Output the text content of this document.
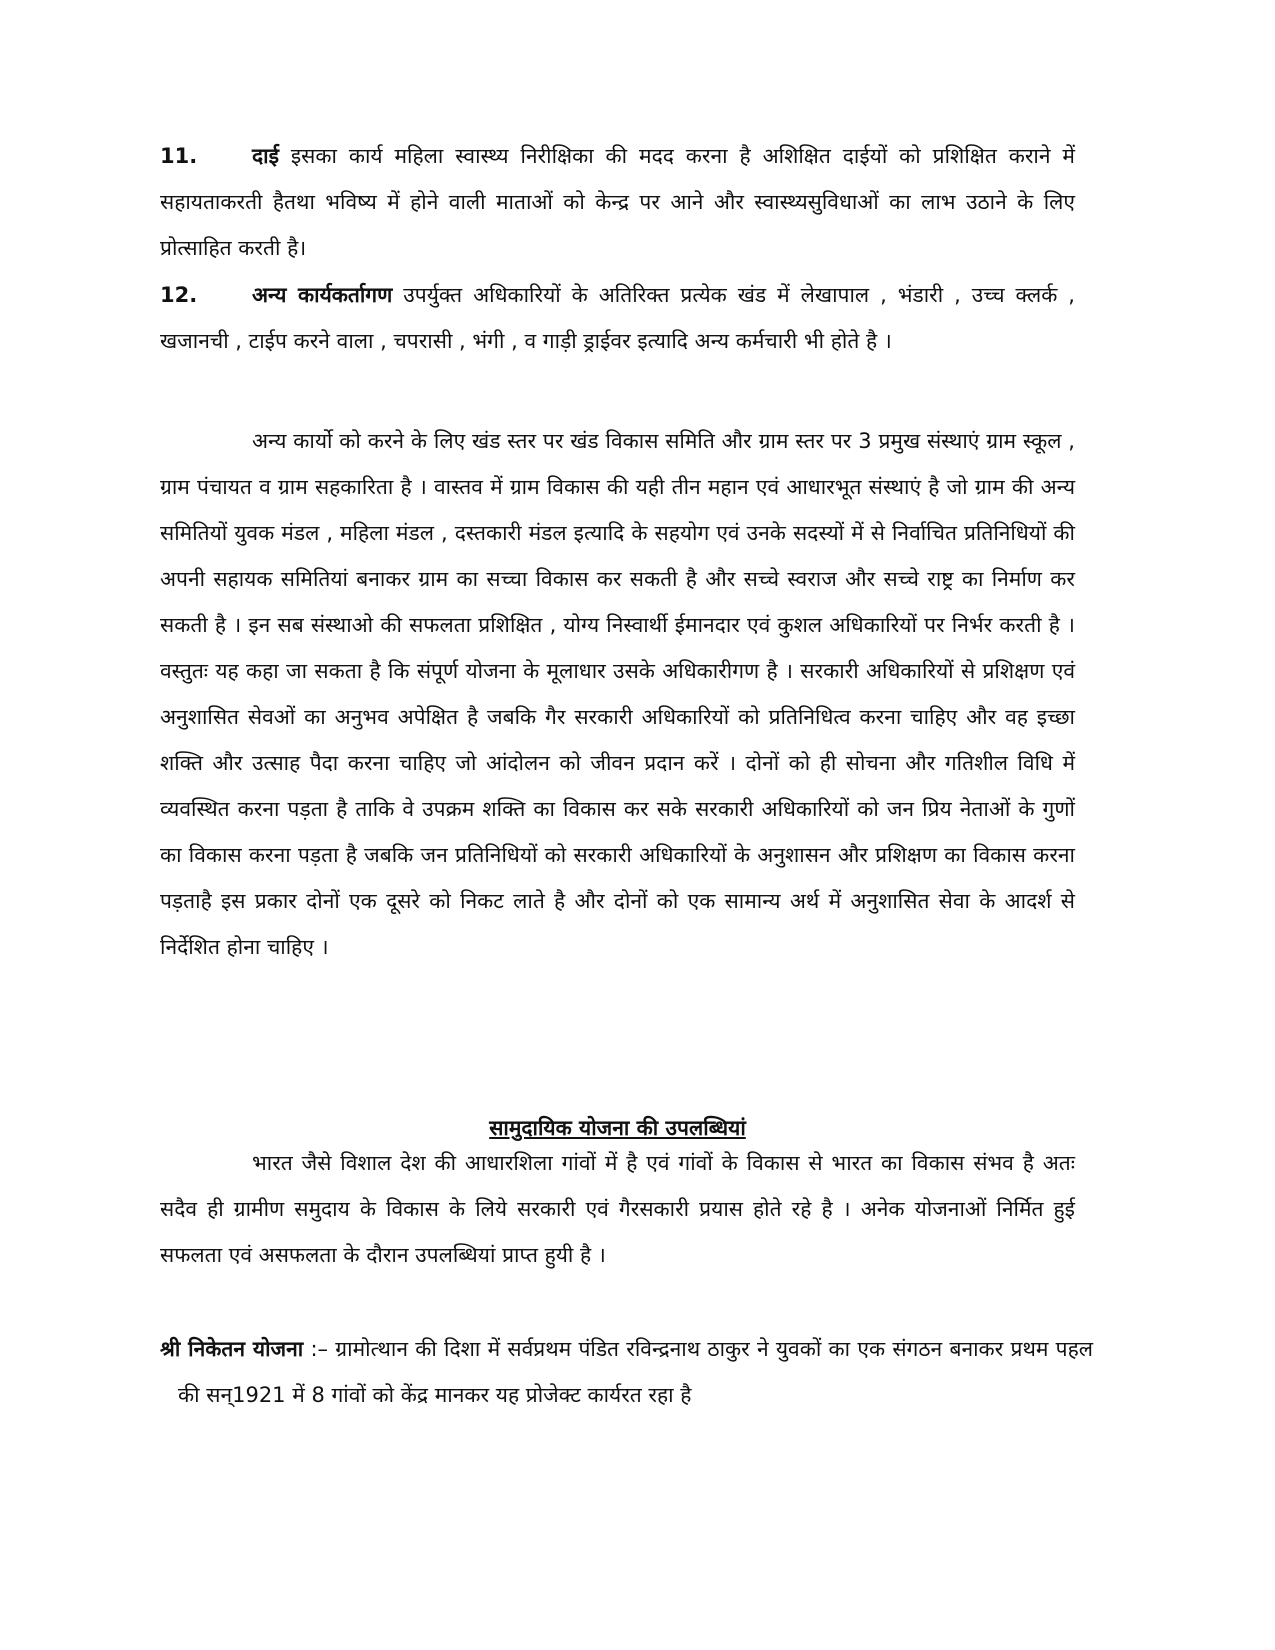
11.	दाई इसका कार्य महिला स्वास्थ्य निरीक्षिका की मदद करना है अशिक्षित दाईयों को प्रशिक्षित कराने में सहायताकरती हैतथा भविष्य में होने वाली माताओं को केन्द्र पर आने और स्वास्थ्यसुविधाओं का लाभ उठाने के लिए प्रोत्साहित करती है।

12.	अन्य कार्यकर्तागण उपर्युक्त अधिकारियों के अतिरिक्त प्रत्येक खंड में लेखापाल , भंडारी , उच्च क्लर्क , खजानची , टाईप करने वाला , चपरासी , भंगी , व गाड़ी ड्राईवर इत्यादि अन्य कर्मचारी भी होते है ।

अन्य कार्यो को करने के लिए खंड स्तर पर खंड विकास समिति और ग्राम स्तर पर 3 प्रमुख संस्थाएं ग्राम स्कूल , ग्राम पंचायत व ग्राम सहकारिता है । वास्तव में ग्राम विकास की यही तीन महान एवं आधारभूत संस्थाएं है जो ग्राम की अन्य समितियों युवक मंडल , महिला मंडल , दस्तकारी मंडल इत्यादि के सहयोग एवं उनके सदस्यों में से निर्वाचित प्रतिनिधियों की अपनी सहायक समितियां बनाकर ग्राम का सच्चा विकास कर सकती है और सच्चे स्वराज और सच्चे राष्ट्र का निर्माण कर सकती है । इन सब संस्थाओ की सफलता प्रशिक्षित , योग्य निस्वार्थी ईमानदार एवं कुशल अधिकारियों पर निर्भर करती है । वस्तुतः यह कहा जा सकता है कि संपूर्ण योजना के मूलाधार उसके अधिकारीगण है । सरकारी अधिकारियों से प्रशिक्षण एवं अनुशासित सेवओं का अनुभव अपेक्षित है जबकि गैर सरकारी अधिकारियों को प्रतिनिधित्व करना चाहिए और वह इच्छा शक्ति और उत्साह पैदा करना चाहिए जो आंदोलन को जीवन प्रदान करें । दोनों को ही सोचना और गतिशील विधि में व्यवस्थित करना पड़ता है ताकि वे उपक्रम शक्ति का विकास कर सके सरकारी अधिकारियों को जन प्रिय नेताओं के गुणों का विकास करना पड़ता है जबकि जन प्रतिनिधियों को सरकारी अधिकारियों के अनुशासन और प्रशिक्षण का विकास करना पड़ताहै इस प्रकार दोनों एक दूसरे को निकट लाते है और दोनों को एक सामान्य अर्थ में अनुशासित सेवा के आदर्श से निर्देशित होना चाहिए ।

सामुदायिक योजना की उपलब्धियां

भारत जैसे विशाल देश की आधारशिला गांवों में है एवं गांवों के विकास से भारत का विकास संभव है अतः सदैव ही ग्रामीण समुदाय के विकास के लिये सरकारी एवं गैरसकारी प्रयास होते रहे है । अनेक योजनाओं निर्मित हुई सफलता एवं असफलता के दौरान उपलब्धियां प्राप्त हुयी है ।

श्री निकेतन योजना :– ग्रामोत्थान की दिशा में सर्वप्रथम पंडित रविन्द्रनाथ ठाकुर ने युवकों का एक संगठन बनाकर प्रथम पहल की सन्1921 में 8 गांवों को केंद्र मानकर यह प्रोजेक्ट कार्यरत रहा है
